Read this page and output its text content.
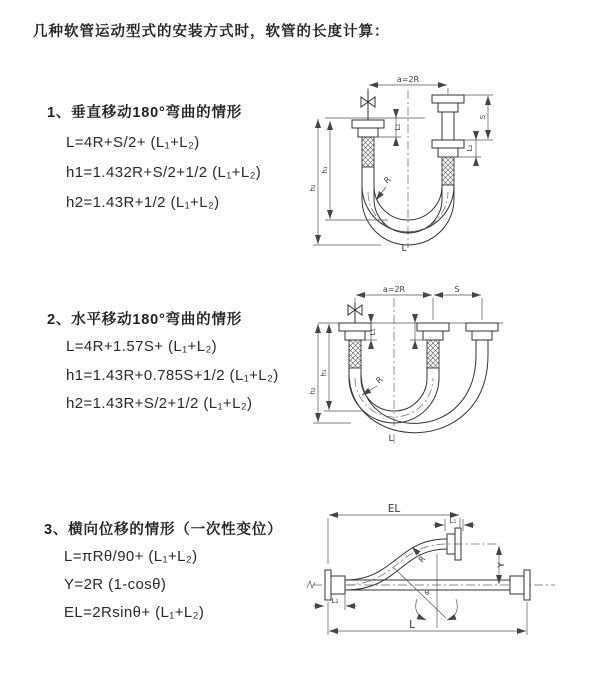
几种软管运动型式的安装方式时，软管的长度计算：
1、垂直移动180°弯曲的情形
L=4R+S/2+ (L₁+L₂)
h1=1.432R+S/2+1/2 (L₁+L₂)
h2=1.43R+1/2 (L₁+L₂)
2、水平移动180°弯曲的情形
L=4R+1.57S+ (L₁+L₂)
h1=1.43R+0.785S+1/2 (L₁+L₂)
h2=1.43R+S/2+1/2 (L₁+L₂)
3、横向位移的情形（一次性变位）
L=πRθ/90+ (L₁+L₂)
Y=2R (1-cosθ)
EL=2Rsinθ+ (L₁+L₂)
a=2R
R
L
h₂
h₁
L₁
S
L₂
a=2R	S
h₂
h₁
L₁
R
L
EL
L₁
L₂
Y
θ
R
L
